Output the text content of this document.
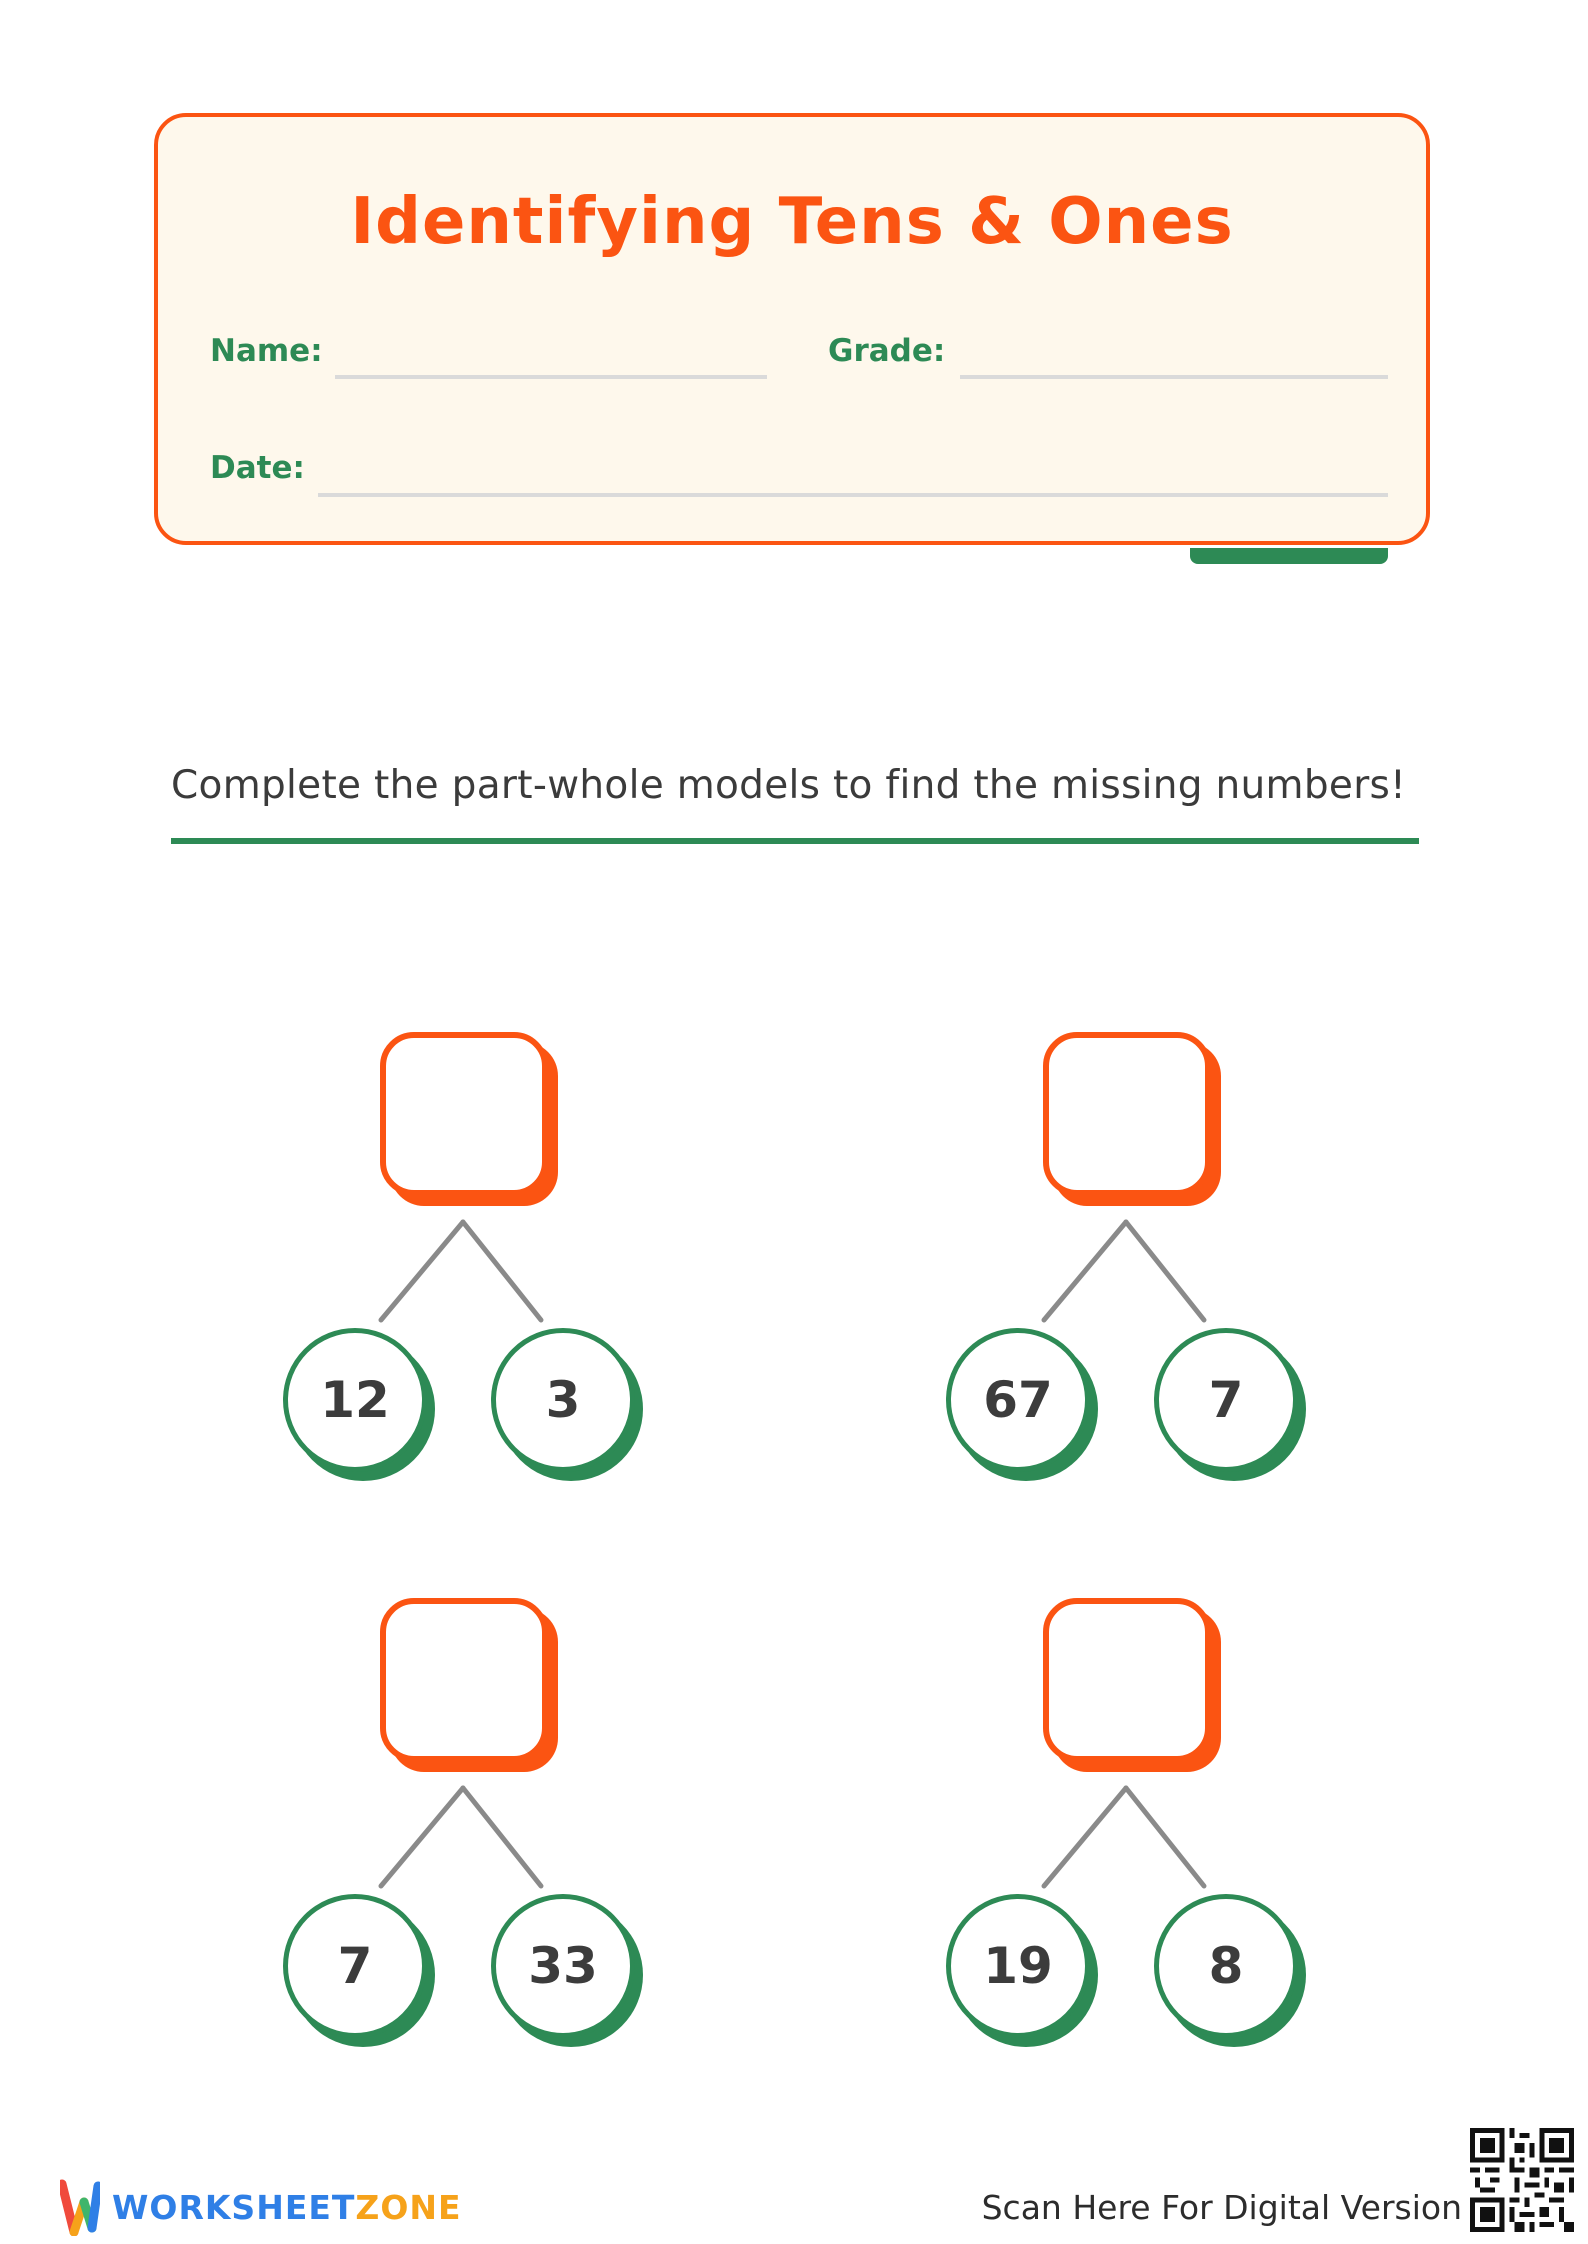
Identifying Tens & Ones
Name:	Grade:
Date:
Complete the part-whole models to find the missing numbers!
12	3	67	7
7	33	19	8
WORKSHEETZONE	Scan Here For Digital Version
